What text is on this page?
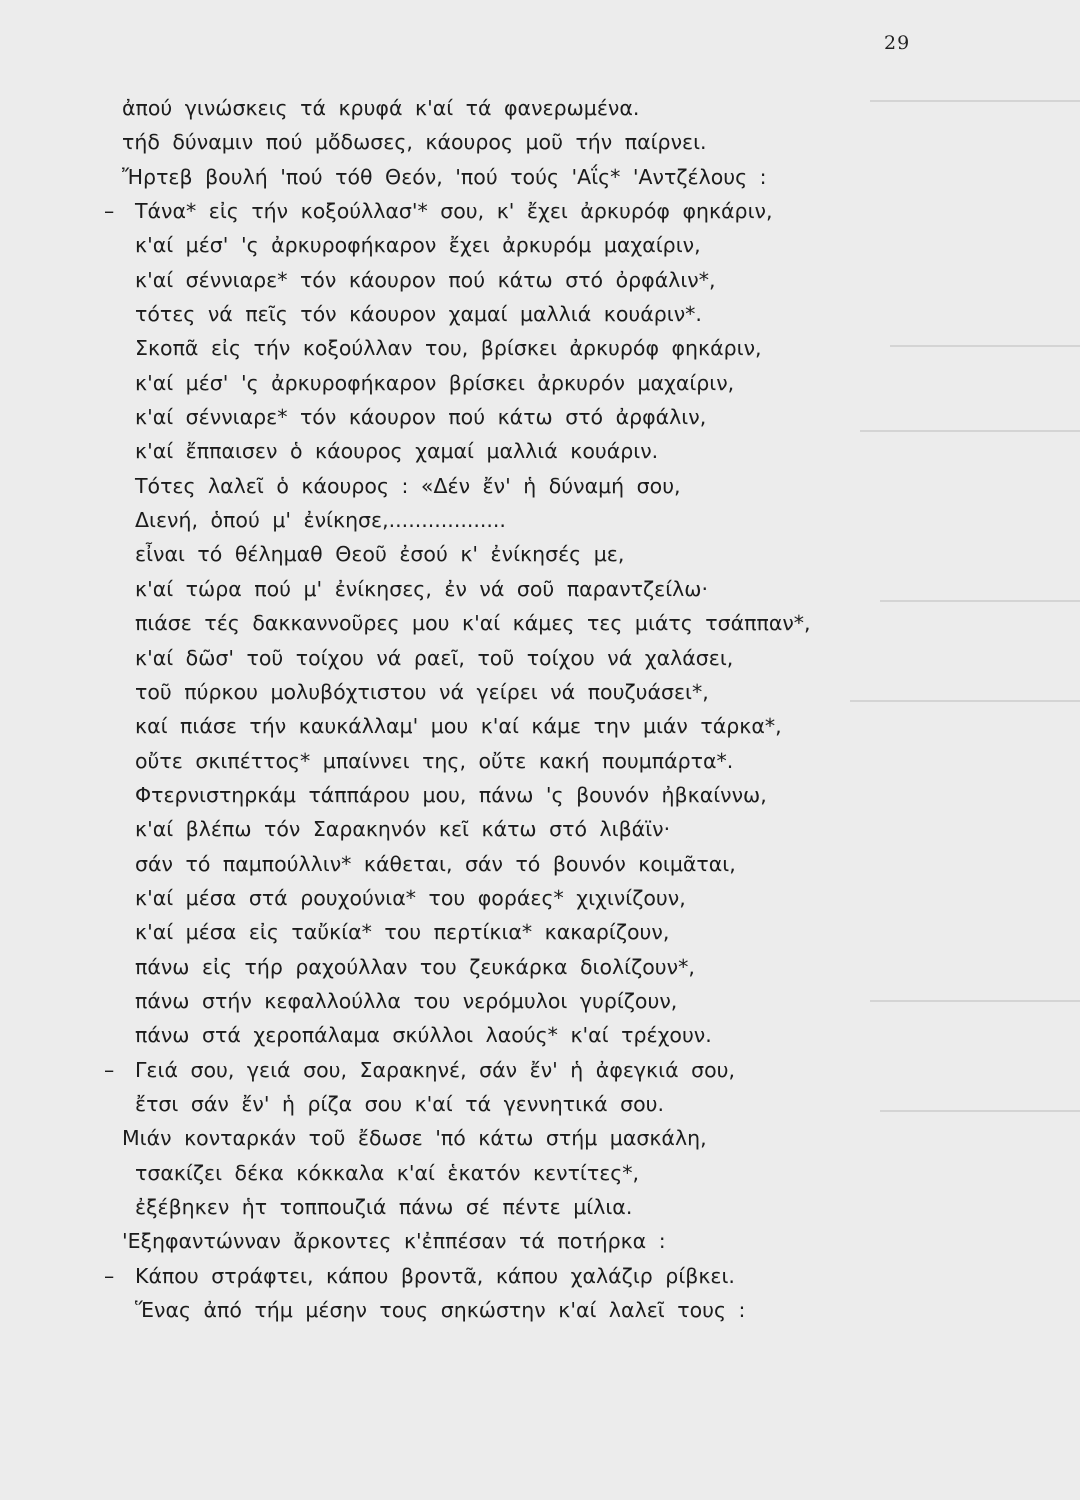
29
ἀπού γινώσκεις τά κρυφά κ'αί τά φανερωμένα.
τήδ δύναμιν πού μὄδωσες, κάουρος μοῦ τήν παίρνει.
Ἤρτεβ βουλή 'πού τόθ Θεόν, 'πού τούς 'Αΐς* 'Αντζέλους :
– Τάνα* εἰς τήν κοξούλλασ'* σου, κ' ἔχει ἀρκυρόφ φηκάριν,
κ'αί μέσ' 'ς ἀρκυροφήκαρον ἔχει ἀρκυρόμ μαχαίριν,
κ'αί σέννιαρε* τόν κάουρον πού κάτω στό ὀρφάλιν*,
τότες νά πεῖς τόν κάουρον χαμαί μαλλιά κουάριν*.
Σκοπᾶ εἰς τήν κοξούλλαν του, βρίσκει ἀρκυρόφ φηκάριν,
κ'αί μέσ' 'ς ἀρκυροφήκαρον βρίσκει ἀρκυρόν μαχαίριν,
κ'αί σέννιαρε* τόν κάουρον πού κάτω στό ἀρφάλιν,
κ'αί ἔππαισεν ὁ κάουρος χαμαί μαλλιά κουάριν.
Τότες λαλεῖ ὁ κάουρος : «Δέν ἔν' ἡ δύναμή σου,
Διενή, ὁπού μ' ἐνίκησε,..................
εἶναι τό θέλημαθ Θεοῦ ἐσού κ' ἐνίκησές με,
κ'αί τώρα πού μ' ἐνίκησες, ἐν νά σοῦ παραντζείλω·
πιάσε τές δακκαννοῦρες μου κ'αί κάμες τες μιάτς τσάππαν*,
κ'αί δῶσ' τοῦ τοίχου νά ραεῖ, τοῦ τοίχου νά χαλάσει,
τοῦ πύρκου μολυβόχτιστου νά γείρει νά πουζυάσει*,
καί πιάσε τήν καυκάλλαμ' μου κ'αί κάμε την μιάν τάρκα*,
οὔτε σκιπέττος* μπαίννει της, οὔτε κακή πουμπάρτα*.
Φτερνιστηρκάμ τάππάρου μου, πάνω 'ς βουνόν ἠβκαίννω,
κ'αί βλέπω τόν Σαρακηνόν κεῖ κάτω στό λιβάϊν·
σάν τό παμπούλλιν* κάθεται, σάν τό βουνόν κοιμᾶται,
κ'αί μέσα στά ρουχούνια* του φοράες* χιχινίζουν,
κ'αί μέσα εἰς ταὔκία* του περτίκια* κακαρίζουν,
πάνω εἰς τήρ ραχούλλαν του ζευκάρκα διολίζουν*,
πάνω στήν κεφαλλούλλα του νερόμυλοι γυρίζουν,
πάνω στά χεροπάλαμα σκύλλοι λαούς* κ'αί τρέχουν.
– Γειά σου, γειά σου, Σαρακηνέ, σάν ἔν' ἡ ἀφεγκιά σου,
ἔτσι σάν ἔν' ἡ ρίζα σου κ'αί τά γεννητικά σου.
Μιάν κονταρκάν τοῦ ἔδωσε 'πό κάτω στήμ μασκάλη,
τσακίζει δέκα κόκκαλα κ'αί ἑκατόν κεντίτες*,
ἐξέβηκεν ἡτ τοπποuζιά πάνω σέ πέντε μίλια.
'Εξηφαντώνναν ἄρκοντες κ'ἐππέσαν τά ποτήρκα :
– Κάπου στράφτει, κάπου βροντᾶ, κάπου χαλάζιρ ρίβκει.
Ἕνας ἀπό τήμ μέσην τους σηκώστην κ'αί λαλεῖ τους :
